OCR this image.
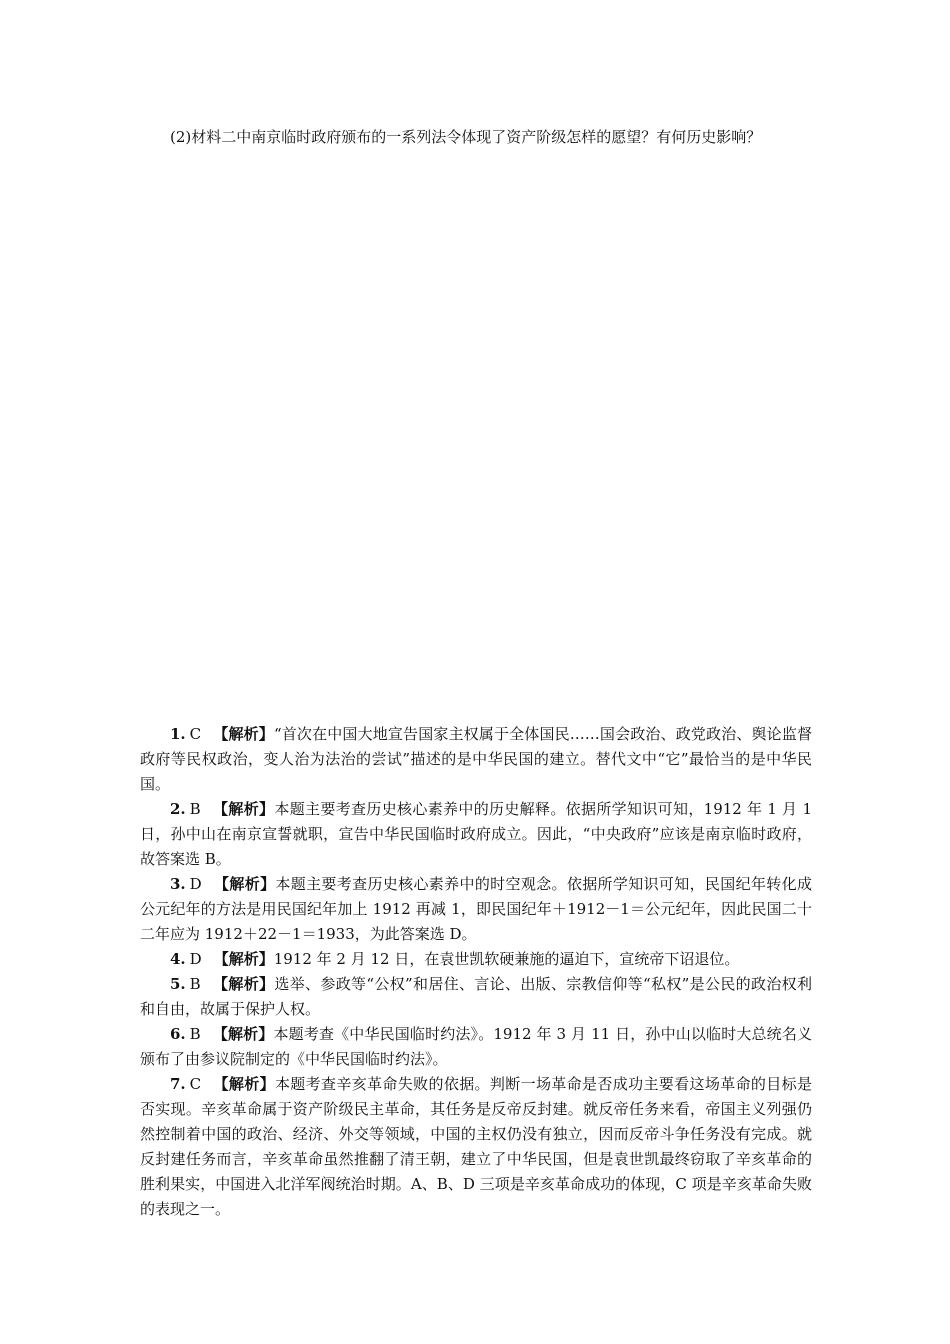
(2)材料二中南京临时政府颁布的一系列法令体现了资产阶级怎样的愿望？有何历史影响？

1. C 【解析】“首次在中国大地宣告国家主权属于全体国民……国会政治、政党政治、舆论监督政府等民权政治，变人治为法治的尝试”描述的是中华民国的建立。替代文中“它”最恰当的是中华民国。

2. B 【解析】本题主要考查历史核心素养中的历史解释。依据所学知识可知，1912 年 1 月 1 日，孙中山在南京宣誓就职，宣告中华民国临时政府成立。因此，“中央政府”应该是南京临时政府，故答案选 B。

3. D 【解析】本题主要考查历史核心素养中的时空观念。依据所学知识可知，民国纪年转化成公元纪年的方法是用民国纪年加上 1912 再减 1，即民国纪年＋1912－1＝公元纪年，因此民国二十二年应为 1912＋22－1＝1933，为此答案选 D。

4. D 【解析】1912 年 2 月 12 日，在袁世凯软硬兼施的逼迫下，宣统帝下诏退位。

5. B 【解析】选举、参政等“公权”和居住、言论、出版、宗教信仰等“私权”是公民的政治权利和自由，故属于保护人权。

6. B 【解析】本题考查《中华民国临时约法》。1912 年 3 月 11 日，孙中山以临时大总统名义颁布了由参议院制定的《中华民国临时约法》。

7. C 【解析】本题考查辛亥革命失败的依据。判断一场革命是否成功主要看这场革命的目标是否实现。辛亥革命属于资产阶级民主革命，其任务是反帝反封建。就反帝任务来看，帝国主义列强仍然控制着中国的政治、经济、外交等领域，中国的主权仍没有独立，因而反帝斗争任务没有完成。就反封建任务而言，辛亥革命虽然推翻了清王朝，建立了中华民国，但是袁世凯最终窃取了辛亥革命的胜利果实，中国进入北洋军阀统治时期。A、B、D 三项是辛亥革命成功的体现，C 项是辛亥革命失败的表现之一。
